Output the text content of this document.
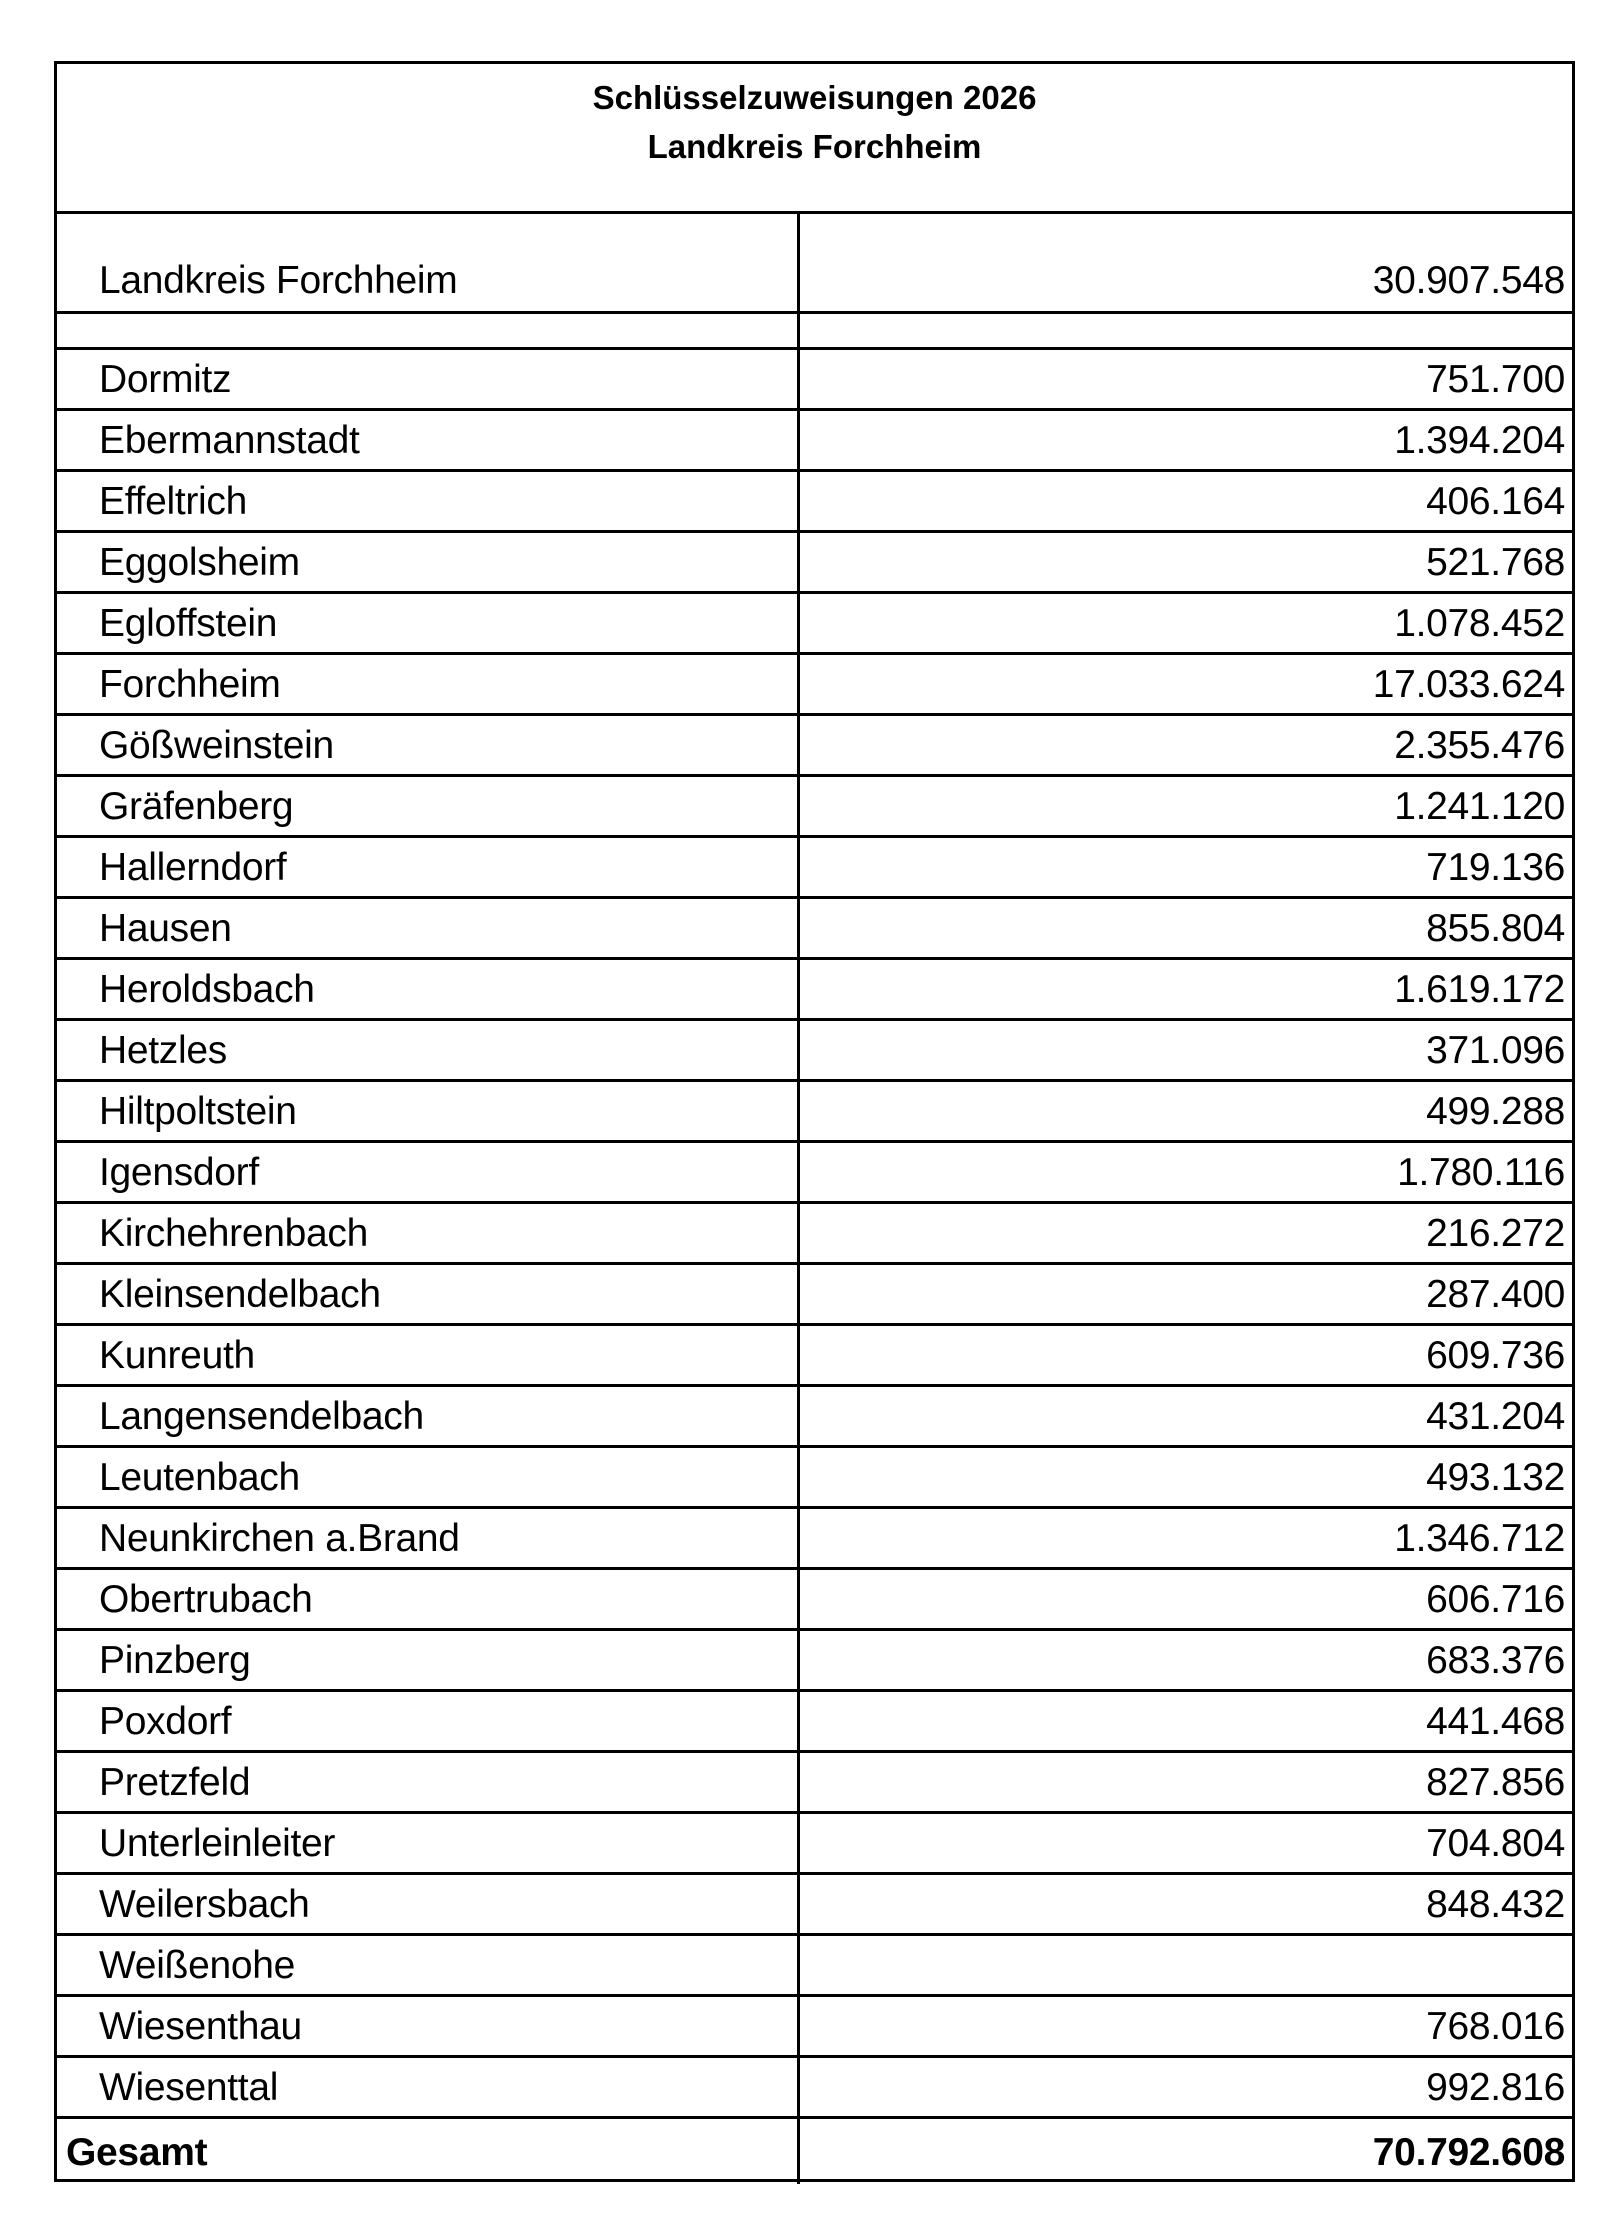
Schlüsselzuweisungen 2026
Landkreis Forchheim
Landkreis Forchheim	30.907.548
Dormitz	751.700
Ebermannstadt	1.394.204
Effeltrich	406.164
Eggolsheim	521.768
Egloffstein	1.078.452
Forchheim	17.033.624
Gößweinstein	2.355.476
Gräfenberg	1.241.120
Hallerndorf	719.136
Hausen	855.804
Heroldsbach	1.619.172
Hetzles	371.096
Hiltpoltstein	499.288
Igensdorf	1.780.116
Kirchehrenbach	216.272
Kleinsendelbach	287.400
Kunreuth	609.736
Langensendelbach	431.204
Leutenbach	493.132
Neunkirchen a.Brand	1.346.712
Obertrubach	606.716
Pinzberg	683.376
Poxdorf	441.468
Pretzfeld	827.856
Unterleinleiter	704.804
Weilersbach	848.432
Weißenohe
Wiesenthau	768.016
Wiesenttal	992.816
Gesamt	70.792.608
